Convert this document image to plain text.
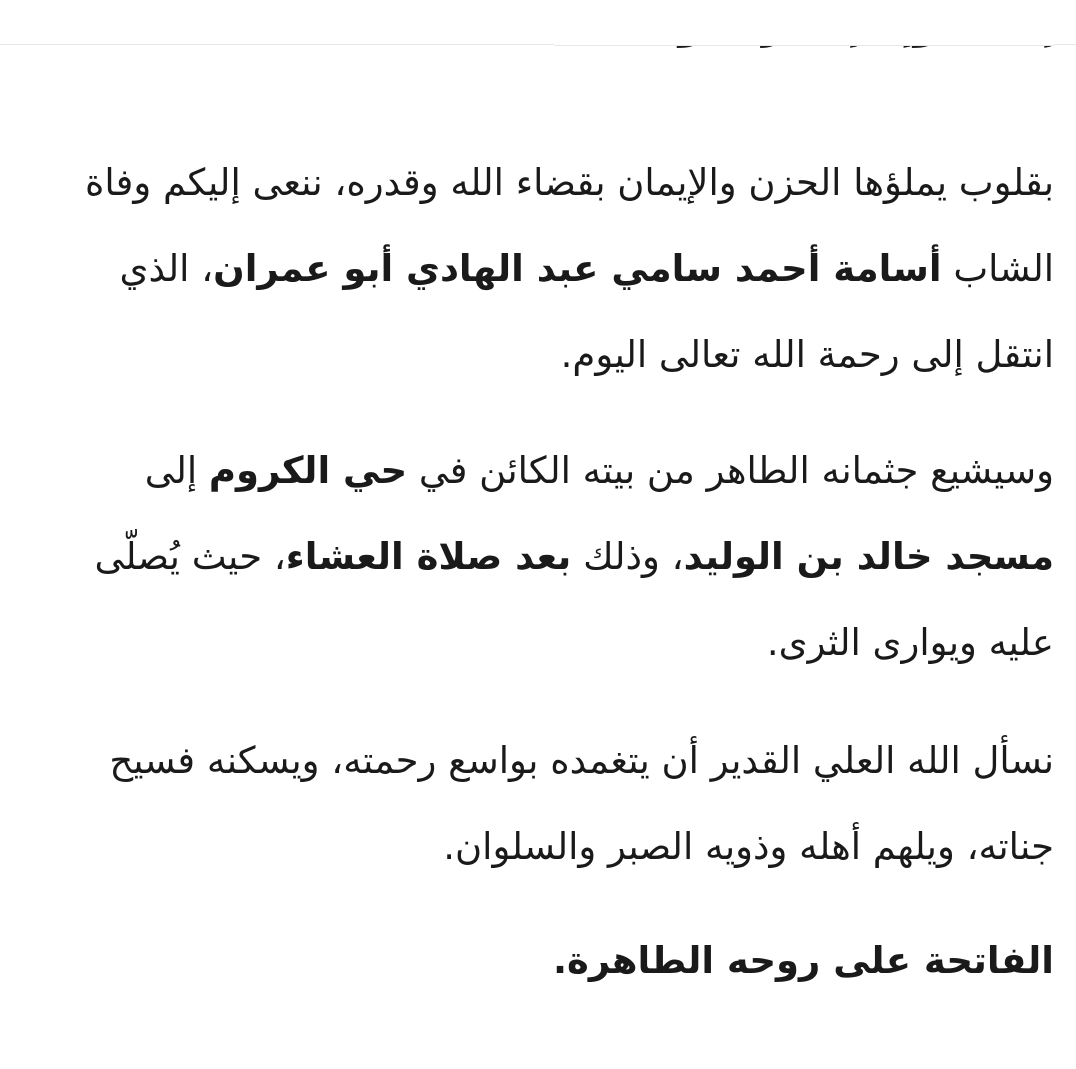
بقلوب يملؤها الحزن والإيمان بقضاء الله وقدره، ننعى إليكم وفاة الشاب أسامة أحمد سامي عبد الهادي أبو عمران، الذي انتقل إلى رحمة الله تعالى اليوم.

وسيشيع جثمانه الطاهر من بيته الكائن في حي الكروم إلى مسجد خالد بن الوليد، وذلك بعد صلاة العشاء، حيث يُصلّى عليه ويوارى الثرى.

نسأل الله العلي القدير أن يتغمده بواسع رحمته، ويسكنه فسيح جناته، ويلهم أهله وذويه الصبر والسلوان.

الفاتحة على روحه الطاهرة.
